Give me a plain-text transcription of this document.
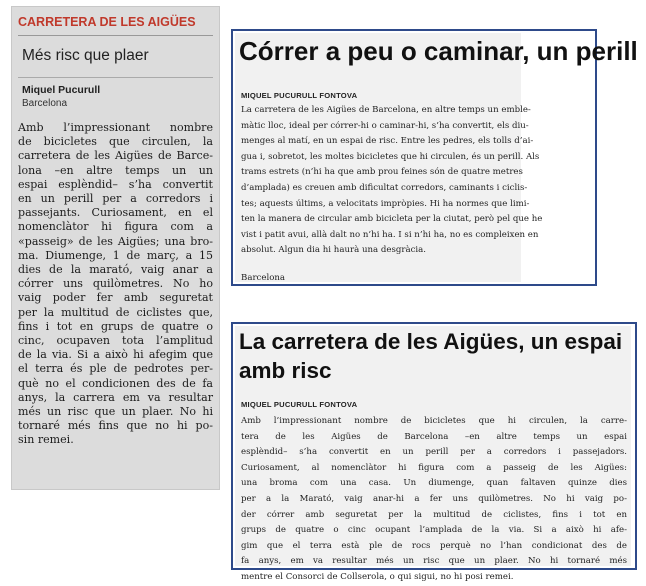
CARRETERA DE LES AIGÜES
Més risc que plaer
Miquel Pucurull
Barcelona
Amb l’impressionant nombre
de bicicletes que circulen, la
carretera de les Aigües de Barce-
lona –en altre temps un un
espai esplèndid– s’ha convertit
en un perill per a corredors i
passejants. Curiosament, en el
nomenclàtor hi figura com a
«passeig» de les Aigües; una bro-
ma. Diumenge, 1 de març, a 15
dies de la marató, vaig anar a
córrer uns quilòmetres. No ho
vaig poder fer amb seguretat
per la multitud de ciclistes que,
fins i tot en grups de quatre o
cinc, ocupaven tota l’amplitud
de la via. Si a això hi afegim que
el terra és ple de pedrotes per-
què no el condicionen des de fa
anys, la carrera em va resultar
més un risc que un plaer. No hi
tornaré més fins que no hi po-
sin remei.
Córrer a peu o caminar, un perill
MIQUEL PUCURULL FONTOVA
La carretera de les Aigües de Barcelona, en altre temps un emble-
màtic lloc, ideal per córrer-hi o caminar-hi, s’ha convertit, els diu-
menges al matí, en un espai de risc. Entre les pedres, els tolls d’ai-
gua i, sobretot, les moltes bicicletes que hi circulen, és un perill. Als
trams estrets (n’hi ha que amb prou feines són de quatre metres
d’amplada) es creuen amb dificultat corredors, caminants i ciclis-
tes; aquests últims, a velocitats impròpies. Hi ha normes que limi-
ten la manera de circular amb bicicleta per la ciutat, però pel que he
vist i patit avui, allà dalt no n’hi ha. I si n’hi ha, no es compleixen en
absolut. Algun dia hi haurà una desgràcia.
Barcelona
La carretera de les Aigües, un espai
amb risc
MIQUEL PUCURULL FONTOVA
Amb l’impressionant nombre de bicicletes que hi circulen, la carre-
tera de les Aigües de Barcelona –en altre temps un espai
esplèndid– s’ha convertit en un perill per a corredors i passejadors.
Curiosament, al nomenclàtor hi figura com a passeig de les Aigües:
una broma com una casa. Un diumenge, quan faltaven quinze dies
per a la Marató, vaig anar-hi a fer uns quilòmetres. No hi vaig po-
der córrer amb seguretat per la multitud de ciclistes, fins i tot en
grups de quatre o cinc ocupant l’amplada de la via. Si a això hi afe-
gim que el terra està ple de rocs perquè no l’han condicionat des de
fa anys, em va resultar més un risc que un plaer. No hi tornaré més
mentre el Consorci de Collserola, o qui sigui, no hi posi remei.
